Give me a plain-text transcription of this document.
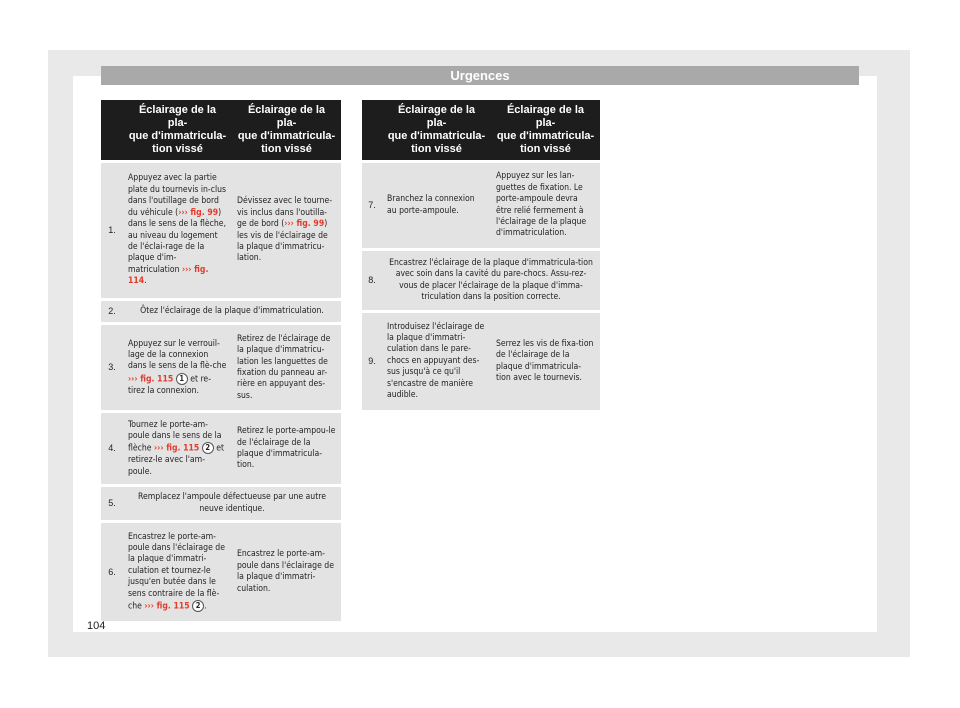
Urgences
	Éclairage de la pla-
que d'immatricula-
tion vissé	Éclairage de la pla-
que d'immatricula-
tion vissé
1.	Appuyez avec la partie plate du tournevis in-clus dans l'outillage de bord du véhicule (››› fig. 99) dans le sens de la flèche, au niveau du logement de l'éclai-rage de la plaque d'im-matriculation ››› fig. 114.	Dévissez avec le tourne-vis inclus dans l'outilla-ge de bord (››› fig. 99) les vis de l'éclairage de la plaque d'immatricu-lation.
2.	Ôtez l'éclairage de la plaque d'immatriculation.	
3.	Appuyez sur le verrouil-lage de la connexion dans le sens de la flè-che ››› fig. 115 1 et re-tirez la connexion.	Retirez de l'éclairage de la plaque d'immatricu-lation les languettes de fixation du panneau ar-rière en appuyant des-sus.
4.	Tournez le porte-am-poule dans le sens de la flèche ››› fig. 115 2 et retirez-le avec l'am-poule.	Retirez le porte-ampou-le de l'éclairage de la plaque d'immatricula-tion.
5.	Remplacez l'ampoule défectueuse par une autre neuve identique.	
6.	Encastrez le porte-am-poule dans l'éclairage de la plaque d'immatri-culation et tournez-le jusqu'en butée dans le sens contraire de la flè-che ››› fig. 115 2 .	Encastrez le porte-am-poule dans l'éclairage de la plaque d'immatri-culation.
	Éclairage de la pla-
que d'immatricula-
tion vissé	Éclairage de la pla-
que d'immatricula-
tion vissé
7.	Branchez la connexion au porte-ampoule.	Appuyez sur les lan-guettes de fixation. Le porte-ampoule devra être relié fermement à l'éclairage de la plaque d'immatriculation.
8.	Encastrez l'éclairage de la plaque d'immatricula-tion avec soin dans la cavité du pare-chocs. Assu-rez-vous de placer l'éclairage de la plaque d'imma-triculation dans la position correcte.	
9.	Introduisez l'éclairage de la plaque d'immatri-culation dans le pare-chocs en appuyant des-sus jusqu'à ce qu'il s'encastre de manière audible.	Serrez les vis de fixa-tion de l'éclairage de la plaque d'immatricula-tion avec le tournevis.
104
